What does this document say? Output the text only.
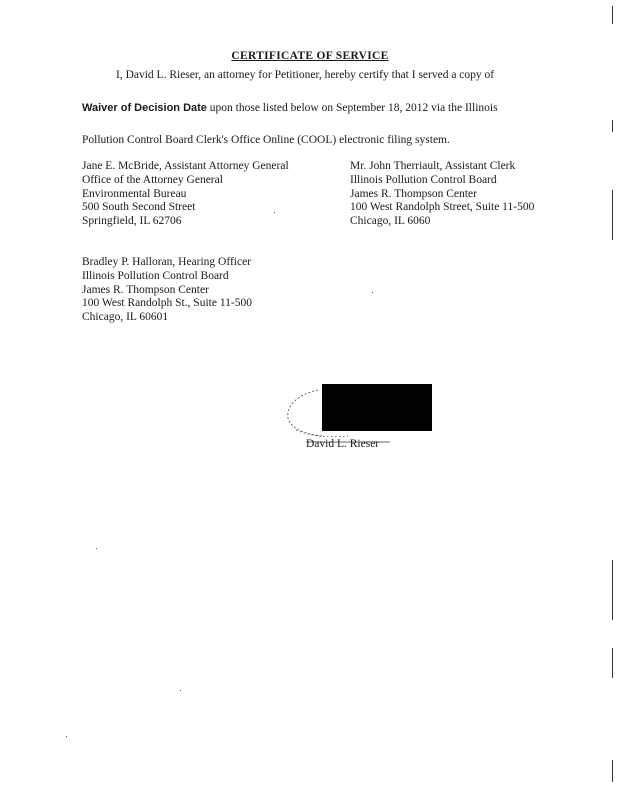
CERTIFICATE OF SERVICE
I, David L. Rieser, an attorney for Petitioner, hereby certify that I served a copy of
Waiver of Decision Date upon those listed below on September 18, 2012 via the Illinois
Pollution Control Board Clerk's Office Online (COOL) electronic filing system.
Jane E. McBride, Assistant Attorney General
Office of the Attorney General
Environmental Bureau
500 South Second Street
Springfield, IL 62706
Mr. John Therriault, Assistant Clerk
Illinois Pollution Control Board
James R. Thompson Center
100 West Randolph Street, Suite 11-500
Chicago, IL 6060
Bradley P. Halloran, Hearing Officer
Illinois Pollution Control Board
James R. Thompson Center
100 West Randolph St., Suite 11-500
Chicago, IL 60601
David L. Rieser
